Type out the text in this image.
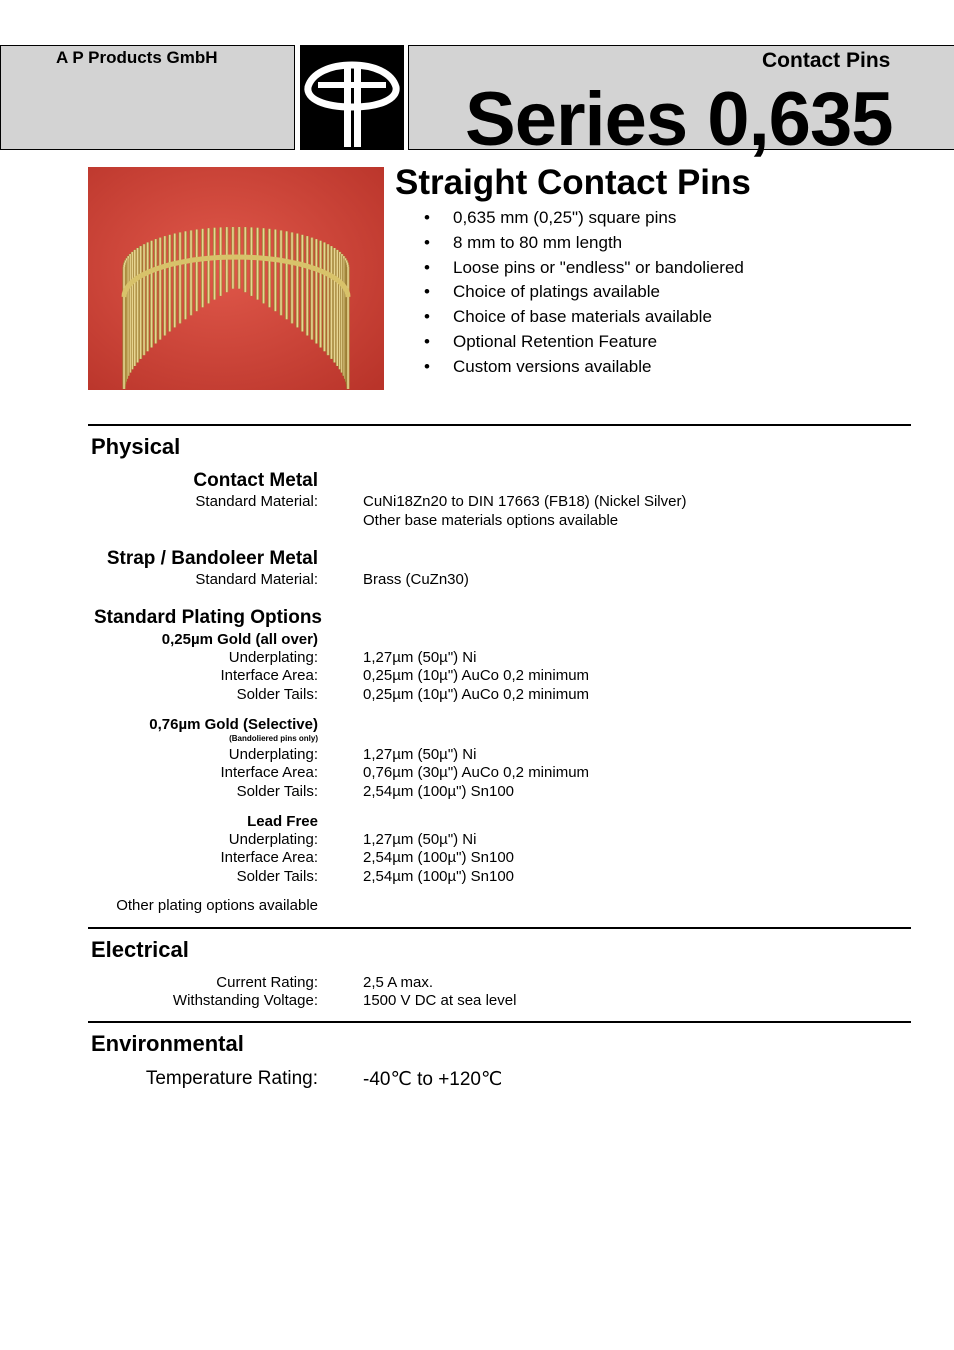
A P Products GmbH	Contact Pins
Series 0,635
Straight Contact Pins
• 0,635 mm (0,25") square pins
• 8 mm to 80 mm length
• Loose pins or "endless" or bandoliered
• Choice of platings available
• Choice of base materials available
• Optional Retention Feature
• Custom versions available
Physical
Contact Metal
Standard Material:	CuNi18Zn20 to DIN 17663 (FB18) (Nickel Silver)
Other base materials options available
Strap / Bandoleer Metal
Standard Material:	Brass (CuZn30)
Standard Plating Options
0,25µm Gold (all over)
Underplating:	1,27µm (50µ") Ni
Interface Area:	0,25µm (10µ") AuCo 0,2 minimum
Solder Tails:	0,25µm (10µ") AuCo 0,2 minimum
0,76µm Gold (Selective)
(Bandoliered pins only)
Underplating:	1,27µm (50µ") Ni
Interface Area:	0,76µm (30µ") AuCo 0,2 minimum
Solder Tails:	2,54µm (100µ") Sn100
Lead Free
Underplating:	1,27µm (50µ") Ni
Interface Area:	2,54µm (100µ") Sn100
Solder Tails:	2,54µm (100µ") Sn100
Other plating options available
Electrical
Current Rating:	2,5 A max.
Withstanding Voltage:	1500 V DC at sea level
Environmental
Temperature Rating: -40℃ to +120℃
